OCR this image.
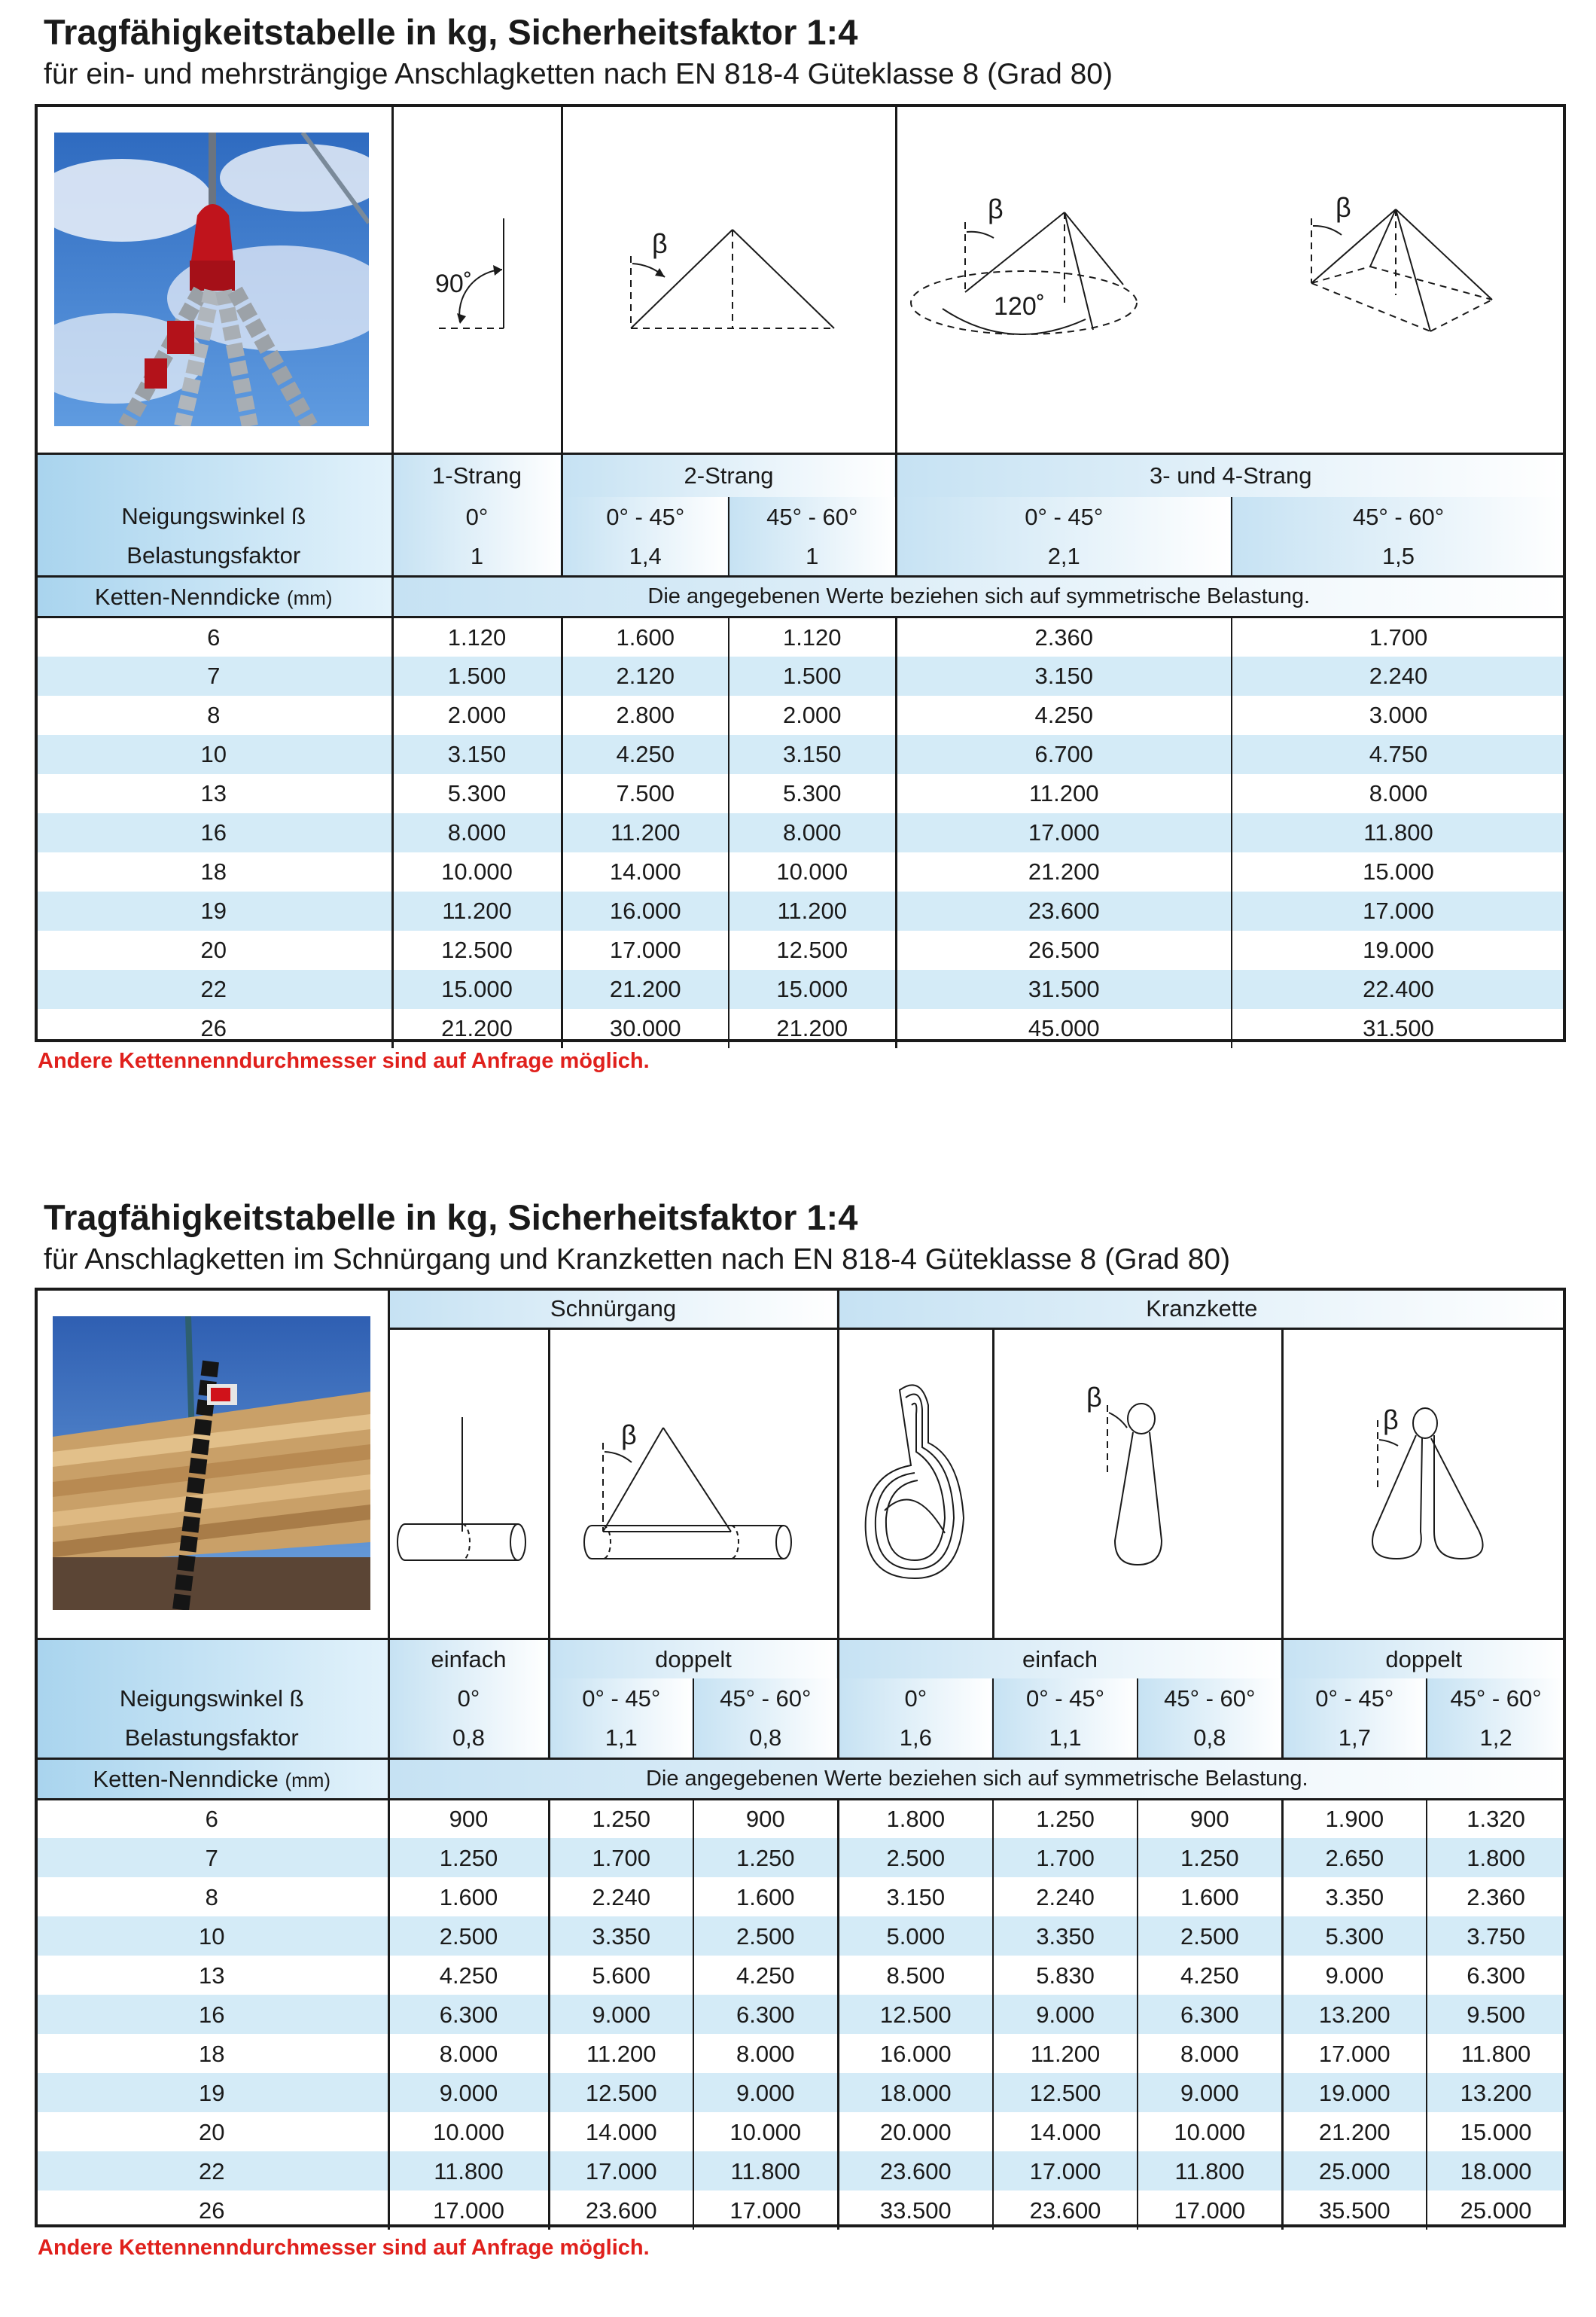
Tragfähigkeitstabelle in kg, Sicherheitsfaktor 1:4
für ein- und mehrsträngige Anschlagketten nach EN 818-4 Güteklasse 8 (Grad 80)

90˚	β		β
120˚
β	

Neigungswinkel ß
Belastungsfaktor	1-Strang	2-Strang		3- und 4-Strang	
	0°	0° - 45°	45° - 60°	0° - 45°	45° - 60°
	1	1,4	1	2,1	1,5
Ketten-Nenndicke (mm)	Die angegebenen Werte beziehen sich auf symmetrische Belastung.				
6	1.120	1.600	1.120	2.360	1.700
7	1.500	2.120	1.500	3.150	2.240
8	2.000	2.800	2.000	4.250	3.000
10	3.150	4.250	3.150	6.700	4.750
13	5.300	7.500	5.300	11.200	8.000
16	8.000	11.200	8.000	17.000	11.800
18	10.000	14.000	10.000	21.200	15.000
19	11.200	16.000	11.200	23.600	17.000
20	12.500	17.000	12.500	26.500	19.000
22	15.000	21.200	15.000	31.500	22.400
26	21.200	30.000	21.200	45.000	31.500
Andere Kettennenndurchmesser sind auf Anfrage möglich.
Tragfähigkeitstabelle in kg, Sicherheitsfaktor 1:4
für Anschlagketten im Schnürgang und Kranzketten nach EN 818-4 Güteklasse 8 (Grad 80)
	Schnürgang			Kranzkette				

β			β		β	

Neigungswinkel ß
Belastungsfaktor	einfach	doppelt		einfach			doppelt	
	0°	0° - 45°	45° - 60°	0°	0° - 45°	45° - 60°	0° - 45°	45° - 60°
	0,8	1,1	0,8	1,6	1,1	0,8	1,7	1,2
Ketten-Nenndicke (mm)	Die angegebenen Werte beziehen sich auf symmetrische Belastung.							
6	900	1.250	900	1.800	1.250	900	1.900	1.320
7	1.250	1.700	1.250	2.500	1.700	1.250	2.650	1.800
8	1.600	2.240	1.600	3.150	2.240	1.600	3.350	2.360
10	2.500	3.350	2.500	5.000	3.350	2.500	5.300	3.750
13	4.250	5.600	4.250	8.500	5.830	4.250	9.000	6.300
16	6.300	9.000	6.300	12.500	9.000	6.300	13.200	9.500
18	8.000	11.200	8.000	16.000	11.200	8.000	17.000	11.800
19	9.000	12.500	9.000	18.000	12.500	9.000	19.000	13.200
20	10.000	14.000	10.000	20.000	14.000	10.000	21.200	15.000
22	11.800	17.000	11.800	23.600	17.000	11.800	25.000	18.000
26	17.000	23.600	17.000	33.500	23.600	17.000	35.500	25.000
Andere Kettennenndurchmesser sind auf Anfrage möglich.
